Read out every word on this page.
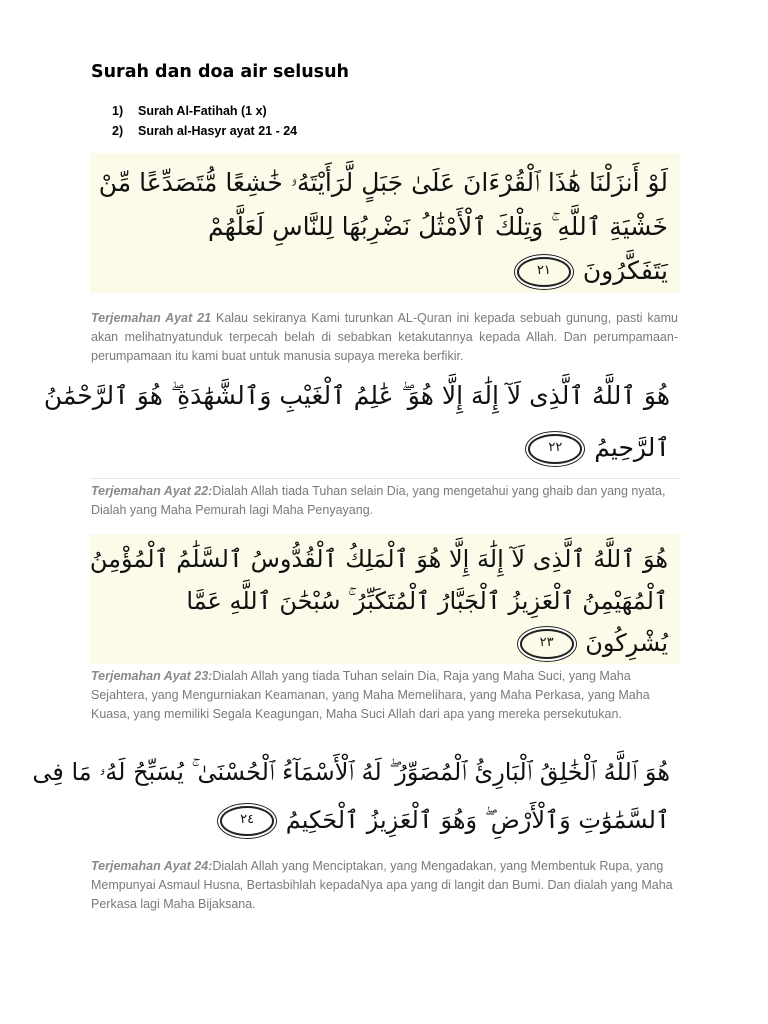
Surah dan doa air selusuh
1) Surah Al-Fatihah (1 x)
2) Surah al-Hasyr ayat 21 - 24
لَوْ أَنزَلْنَا هَٰذَا ٱلْقُرْءَانَ عَلَىٰ جَبَلٍ لَّرَأَيْتَهُۥ خَٰشِعًا مُّتَصَدِّعًا مِّنْ
خَشْيَةِ ٱللَّهِ ۚ وَتِلْكَ ٱلْأَمْثَٰلُ نَضْرِبُهَا لِلنَّاسِ لَعَلَّهُمْ
يَتَفَكَّرُونَ ٢١

Terjemahan Ayat 21 Kalau sekiranya Kami turunkan AL-Quran ini kepada sebuah gunung, pasti kamu akan melihatnyatunduk terpecah belah di sebabkan ketakutannya kepada Allah. Dan perumpamaan-perumpamaan itu kami buat untuk manusia supaya mereka berfikir.

هُوَ ٱللَّهُ ٱلَّذِى لَآ إِلَٰهَ إِلَّا هُوَ ۖ عَٰلِمُ ٱلْغَيْبِ وَٱلشَّهَٰدَةِ ۖ هُوَ ٱلرَّحْمَٰنُ
ٱلرَّحِيمُ ٢٢

Terjemahan Ayat 22:Dialah Allah tiada Tuhan selain Dia, yang mengetahui yang ghaib dan yang nyata, Dialah yang Maha Pemurah lagi Maha Penyayang.

هُوَ ٱللَّهُ ٱلَّذِى لَآ إِلَٰهَ إِلَّا هُوَ ٱلْمَلِكُ ٱلْقُدُّوسُ ٱلسَّلَٰمُ ٱلْمُؤْمِنُ
ٱلْمُهَيْمِنُ ٱلْعَزِيزُ ٱلْجَبَّارُ ٱلْمُتَكَبِّرُ ۚ سُبْحَٰنَ ٱللَّهِ عَمَّا
يُشْرِكُونَ ٢٣

Terjemahan Ayat 23:Dialah Allah yang tiada Tuhan selain Dia, Raja yang Maha Suci, yang Maha Sejahtera, yang Mengurniakan Keamanan, yang Maha Memelihara, yang Maha Perkasa, yang Maha Kuasa, yang memiliki Segala Keagungan, Maha Suci Allah dari apa yang mereka persekutukan.

هُوَ ٱللَّهُ ٱلْخَٰلِقُ ٱلْبَارِئُ ٱلْمُصَوِّرُ ۖ لَهُ ٱلْأَسْمَآءُ ٱلْحُسْنَىٰ ۚ يُسَبِّحُ لَهُۥ مَا فِى
ٱلسَّمَٰوَٰتِ وَٱلْأَرْضِ ۖ وَهُوَ ٱلْعَزِيزُ ٱلْحَكِيمُ ٢٤

Terjemahan Ayat 24:Dialah Allah yang Menciptakan, yang Mengadakan, yang Membentuk Rupa, yang Mempunyai Asmaul Husna, Bertasbihlah kepadaNya apa yang di langit dan Bumi. Dan dialah yang Maha Perkasa lagi Maha Bijaksana.
